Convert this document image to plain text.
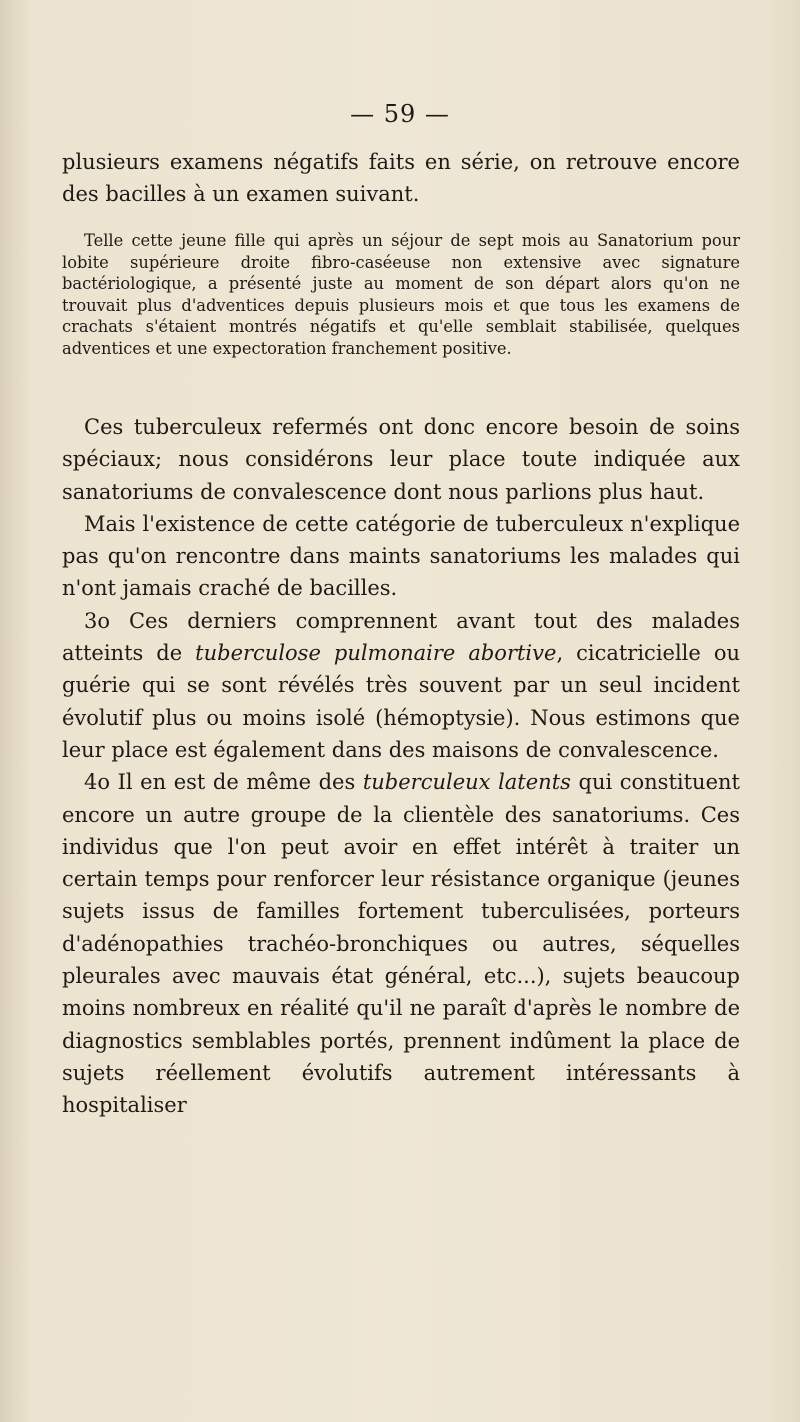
— 59 —

plusieurs examens négatifs faits en série, on retrouve encore des bacilles à un examen suivant.

Telle cette jeune fille qui après un séjour de sept mois au Sanatorium pour lobite supérieure droite fibro-caséeuse non extensive avec signature bactériologique, a présenté juste au moment de son départ alors qu'on ne trouvait plus d'adventices depuis plusieurs mois et que tous les examens de crachats s'étaient montrés négatifs et qu'elle semblait stabilisée, quelques adventices et une expectoration franchement positive.

Ces tuberculeux refermés ont donc encore besoin de soins spéciaux; nous considérons leur place toute indiquée aux sanatoriums de convalescence dont nous parlions plus haut.

Mais l'existence de cette catégorie de tuberculeux n'explique pas qu'on rencontre dans maints sanatoriums les malades qui n'ont jamais craché de bacilles.

3o Ces derniers comprennent avant tout des malades atteints de tuberculose pulmonaire abortive, cicatricielle ou guérie qui se sont révélés très souvent par un seul incident évolutif plus ou moins isolé (hémoptysie). Nous estimons que leur place est également dans des maisons de convalescence.

4o Il en est de même des tuberculeux latents qui constituent encore un autre groupe de la clientèle des sanatoriums. Ces individus que l'on peut avoir en effet intérêt à traiter un certain temps pour renforcer leur résistance organique (jeunes sujets issus de familles fortement tuberculisées, porteurs d'adénopathies trachéo-bronchiques ou autres, séquelles pleurales avec mauvais état général, etc...), sujets beaucoup moins nombreux en réalité qu'il ne paraît d'après le nombre de diagnostics semblables portés, prennent indûment la place de sujets réellement évolutifs autrement intéressants à hospitaliser
